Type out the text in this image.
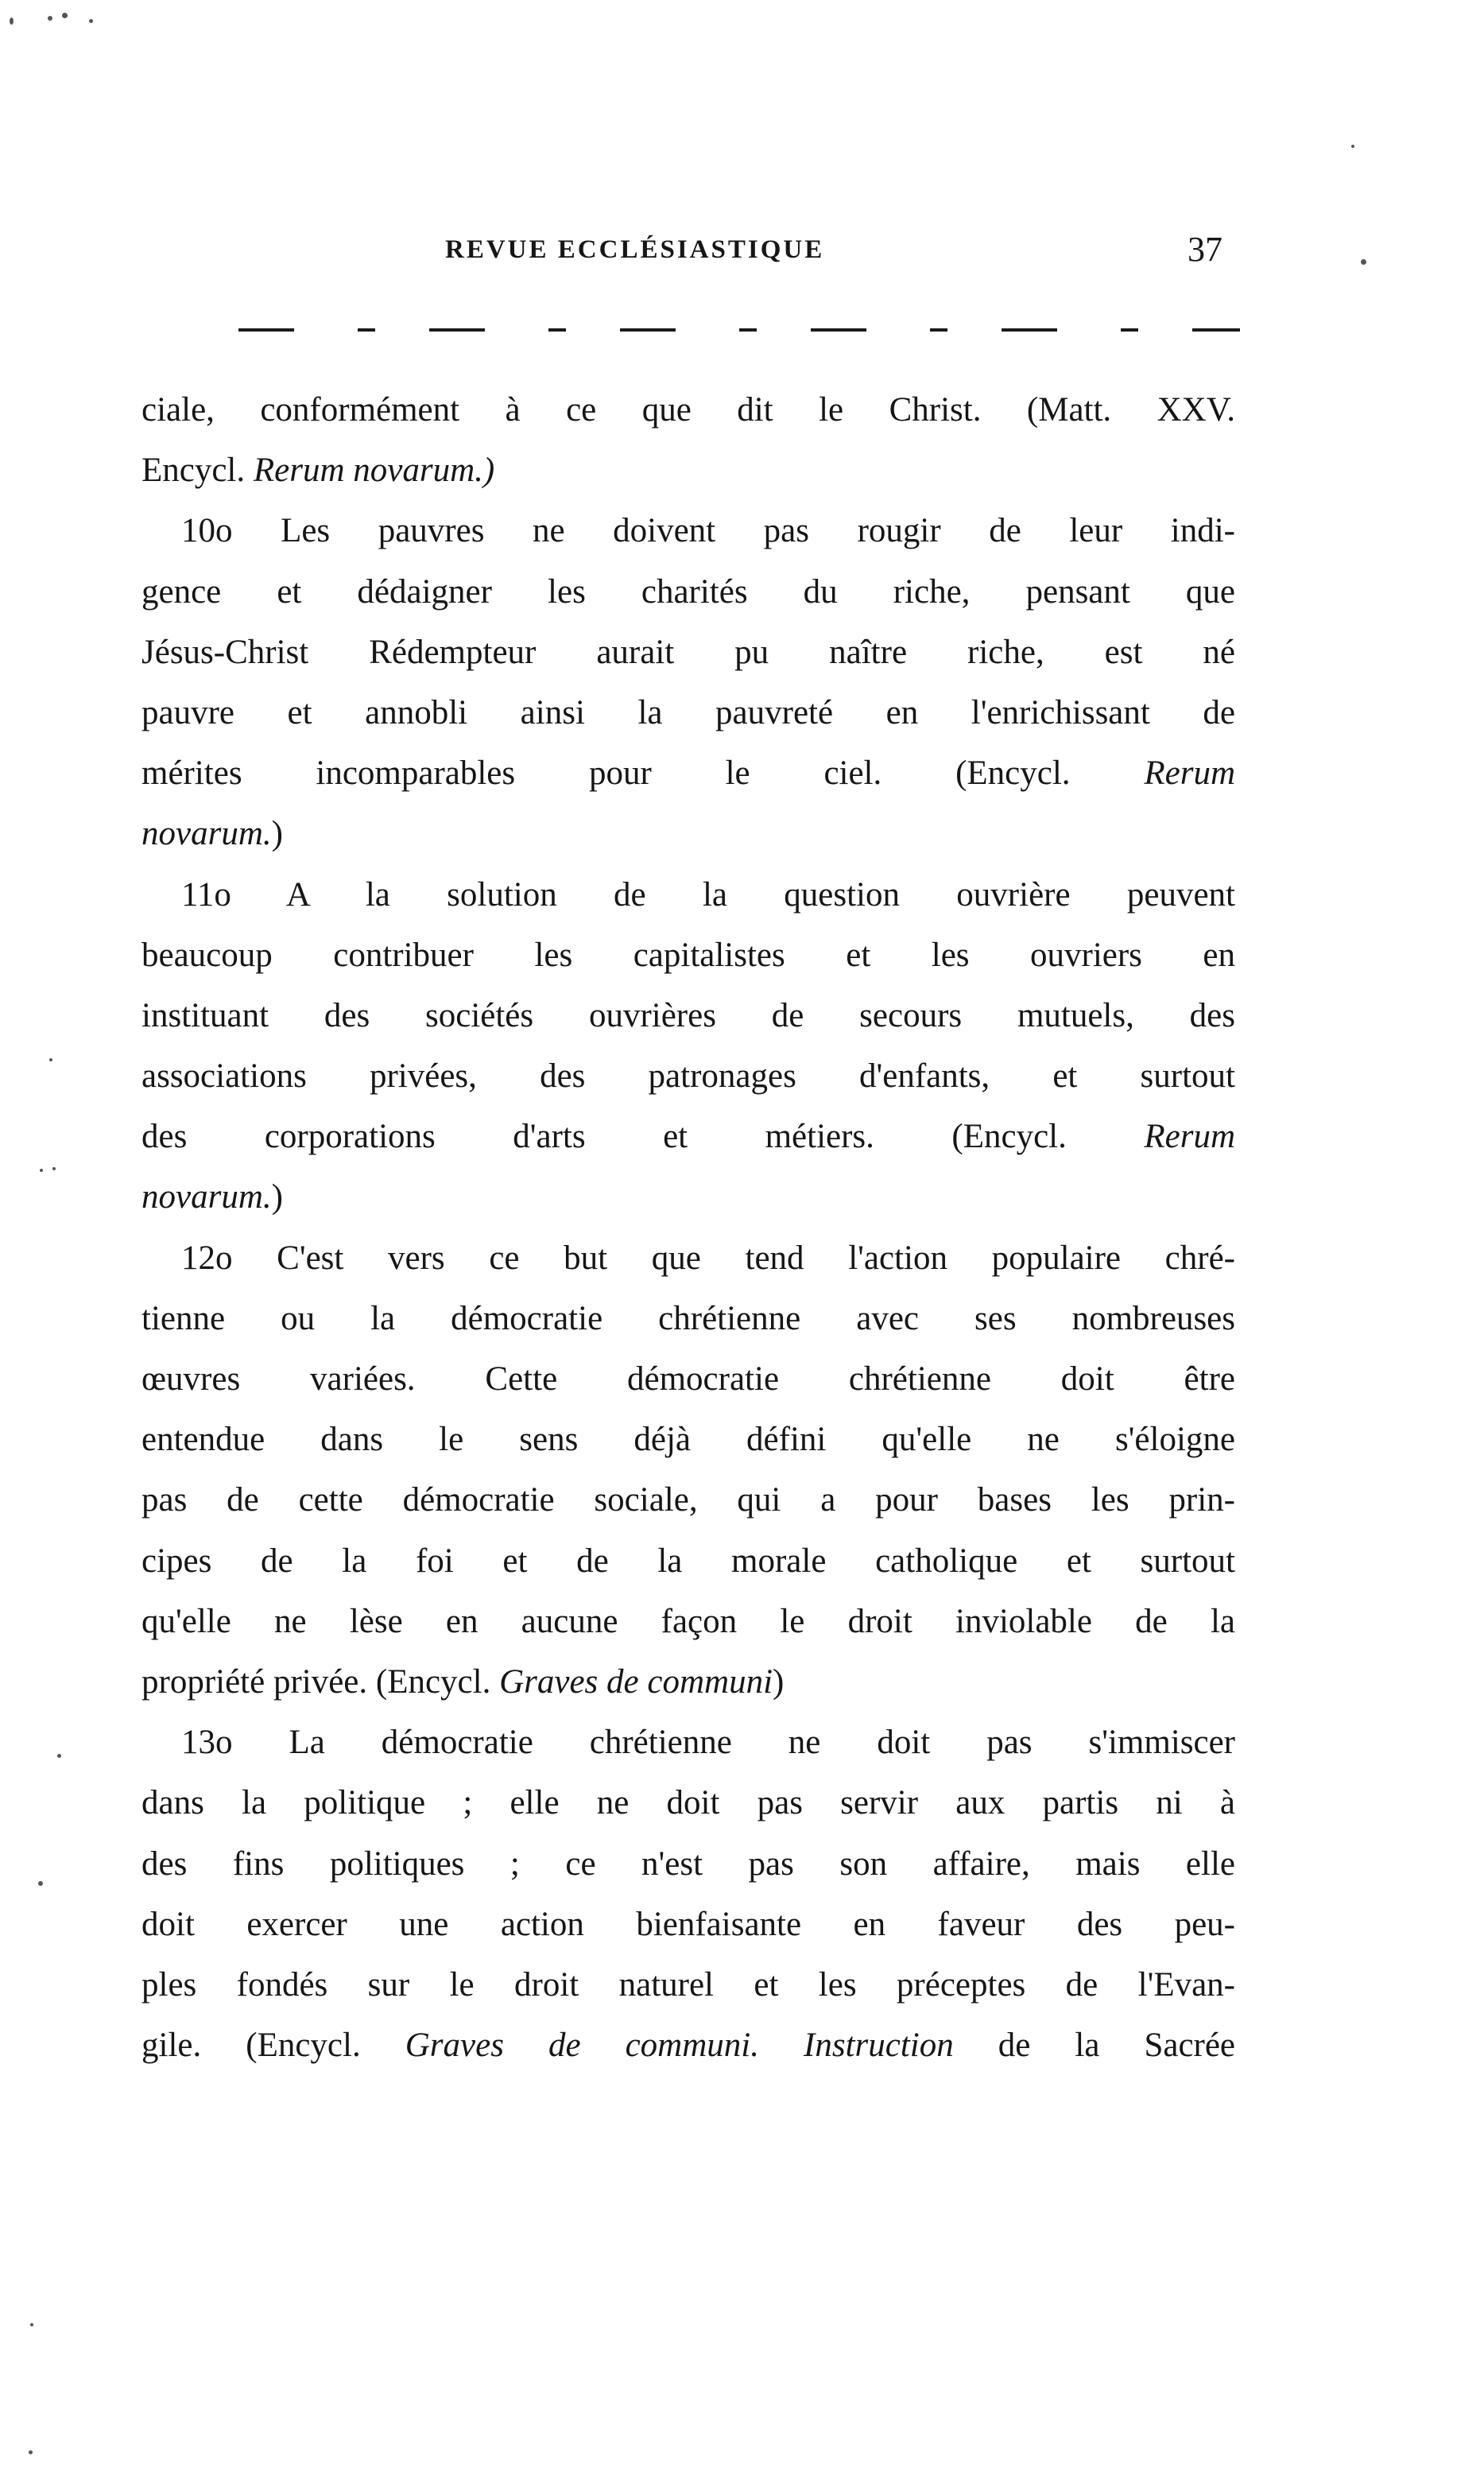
REVUE ECCLÉSIASTIQUE	37
ciale, conformément à ce que dit le Christ. (Matt. XXV.
Encycl. Rerum novarum.)
10o Les pauvres ne doivent pas rougir de leur indi-
gence et dédaigner les charités du riche, pensant que
Jésus-Christ Rédempteur aurait pu naître riche, est né
pauvre et annobli ainsi la pauvreté en l'enrichissant de
mérites incomparables pour le ciel. (Encycl. Rerum
novarum.)
11o A la solution de la question ouvrière peuvent
beaucoup contribuer les capitalistes et les ouvriers en
instituant des sociétés ouvrières de secours mutuels, des
associations privées, des patronages d'enfants, et surtout
des corporations d'arts et métiers. (Encycl. Rerum
novarum.)
12o C'est vers ce but que tend l'action populaire chré-
tienne ou la démocratie chrétienne avec ses nombreuses
œuvres variées. Cette démocratie chrétienne doit être
entendue dans le sens déjà défini qu'elle ne s'éloigne
pas de cette démocratie sociale, qui a pour bases les prin-
cipes de la foi et de la morale catholique et surtout
qu'elle ne lèse en aucune façon le droit inviolable de la
propriété privée. (Encycl. Graves de communi)
13o La démocratie chrétienne ne doit pas s'immiscer
dans la politique ; elle ne doit pas servir aux partis ni à
des fins politiques ; ce n'est pas son affaire, mais elle
doit exercer une action bienfaisante en faveur des peu-
ples fondés sur le droit naturel et les préceptes de l'Evan-
gile. (Encycl. Graves de communi. Instruction de la Sacrée
